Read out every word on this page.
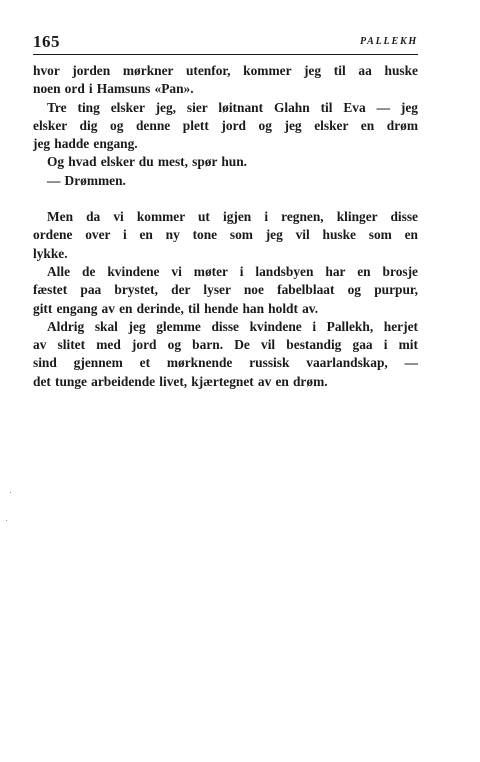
165	PALLEKH

hvor jorden mørkner utenfor, kommer jeg til aa huske
noen ord i Hamsuns «Pan».

Tre ting elsker jeg, sier løitnant Glahn til Eva — jeg
elsker dig og denne plett jord og jeg elsker en drøm
jeg hadde engang.

Og hvad elsker du mest, spør hun.

— Drømmen.

Men da vi kommer ut igjen i regnen, klinger disse
ordene over i en ny tone som jeg vil huske som en
lykke.

Alle de kvindene vi møter i landsbyen har en brosje
fæstet paa brystet, der lyser noe fabelblaat og purpur,
gitt engang av en derinde, til hende han holdt av.

Aldrig skal jeg glemme disse kvindene i Pallekh, herjet
av slitet med jord og barn. De vil bestandig gaa i mit
sind gjennem et mørknende russisk vaarlandskap, —
det tunge arbeidende livet, kjærtegnet av en drøm.
